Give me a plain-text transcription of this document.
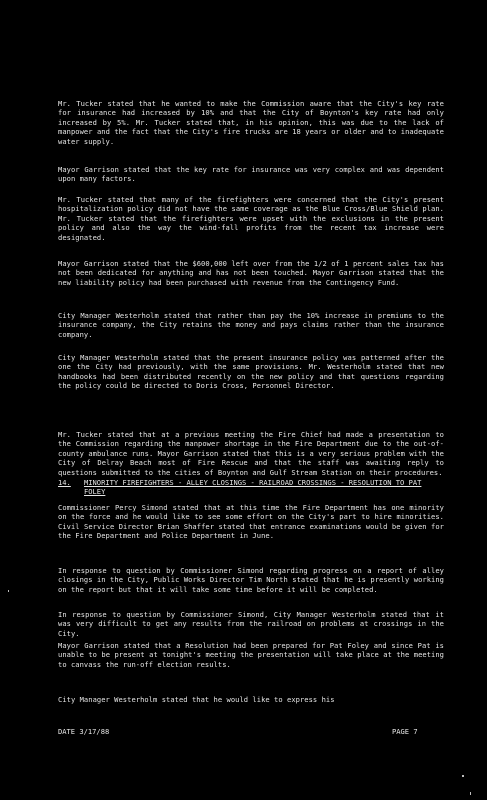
Mr. Tucker stated that he wanted to make the Commission aware that the City's key rate for insurance had increased by 10% and that the City of Boynton's key rate had only increased by 5%. Mr. Tucker stated that, in his opinion, this was due to the lack of manpower and the fact that the City's fire trucks are 18 years or older and to inadequate water supply.

Mayor Garrison stated that the key rate for insurance was very complex and was dependent upon many factors.

Mr. Tucker stated that many of the firefighters were concerned that the City's present hospitalization policy did not have the same coverage as the Blue Cross/Blue Shield plan. Mr. Tucker stated that the firefighters were upset with the exclusions in the present policy and also the way the wind-fall profits from the recent tax increase were designated.

Mayor Garrison stated that the $600,000 left over from the 1/2 of 1 percent sales tax has not been dedicated for anything and has not been touched. Mayor Garrison stated that the new liability policy had been purchased with revenue from the Contingency Fund.

City Manager Westerholm stated that rather than pay the 10% increase in premiums to the insurance company, the City retains the money and pays claims rather than the insurance company.

City Manager Westerholm stated that the present insurance policy was patterned after the one the City had previously, with the same provisions. Mr. Westerholm stated that new handbooks had been distributed recently on the new policy and that questions regarding the policy could be directed to Doris Cross, Personnel Director.

Mr. Tucker stated that at a previous meeting the Fire Chief had made a presentation to the Commission regarding the manpower shortage in the Fire Department due to the out-of-county ambulance runs. Mayor Garrison stated that this is a very serious problem with the City of Delray Beach most of Fire Rescue and that the staff was awaiting reply to questions submitted to the cities of Boynton and Gulf Stream Station on their procedures.

14. MINORITY FIREFIGHTERS - ALLEY CLOSINGS - RAILROAD CROSSINGS - RESOLUTION TO PAT FOLEY

Commissioner Percy Simond stated that at this time the Fire Department has one minority on the force and he would like to see some effort on the City's part to hire minorities. Civil Service Director Brian Shaffer stated that entrance examinations would be given for the Fire Department and Police Department in June.

In response to question by Commissioner Simond regarding progress on a report of alley closings in the City, Public Works Director Tim North stated that he is presently working on the report but that it will take some time before it will be completed.

In response to question by Commissioner Simond, City Manager Westerholm stated that it was very difficult to get any results from the railroad on problems at crossings in the City.

Mayor Garrison stated that a Resolution had been prepared for Pat Foley and since Pat is unable to be present at tonight's meeting the presentation will take place at the meeting to canvass the run-off election results.

City Manager Westerholm stated that he would like to express his

DATE 3/17/88	PAGE 7
